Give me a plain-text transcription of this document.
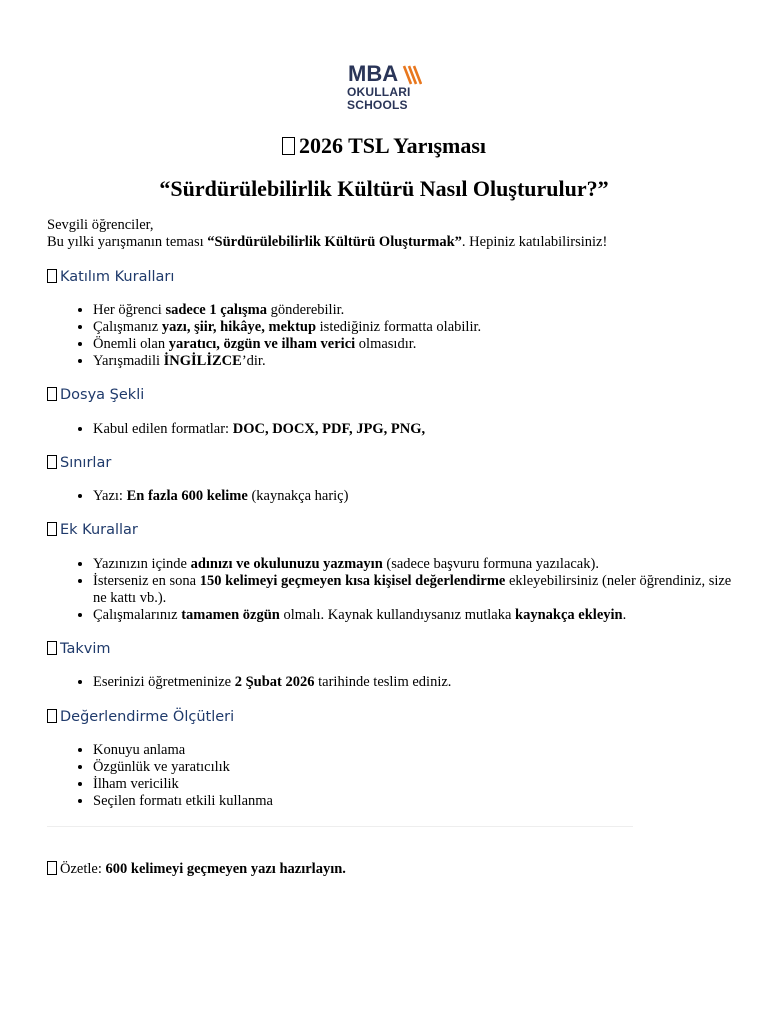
MBA
OKULLARI
SCHOOLS
2026 TSL Yarışması
“Sürdürülebilirlik Kültürü Nasıl Oluşturulur?”
Sevgili öğrenciler,
Bu yılki yarışmanın teması “Sürdürülebilirlik Kültürü Oluşturmak”. Hepiniz katılabilirsiniz!
Katılım Kuralları
• Her öğrenci sadece 1 çalışma gönderebilir.
• Çalışmanız yazı, şiir, hikâye, mektup istediğiniz formatta olabilir.
• Önemli olan yaratıcı, özgün ve ilham verici olmasıdır.
• Yarışmadili İNGİLİZCE’dir.
Dosya Şekli
• Kabul edilen formatlar: DOC, DOCX, PDF, JPG, PNG,
Sınırlar
• Yazı: En fazla 600 kelime (kaynakça hariç)
Ek Kurallar
• Yazınızın içinde adınızı ve okulunuzu yazmayın (sadece başvuru formuna yazılacak).
• İsterseniz en sona 150 kelimeyi geçmeyen kısa kişisel değerlendirme ekleyebilirsiniz (neler öğrendiniz, size ne kattı vb.).
• Çalışmalarınız tamamen özgün olmalı. Kaynak kullandıysanız mutlaka kaynakça ekleyin.
Takvim
• Eserinizi öğretmeninize 2 Şubat 2026 tarihinde teslim ediniz.
Değerlendirme Ölçütleri
• Konuyu anlama
• Özgünlük ve yaratıcılık
• İlham vericilik
• Seçilen formatı etkili kullanma
Özetle: 600 kelimeyi geçmeyen yazı hazırlayın.
